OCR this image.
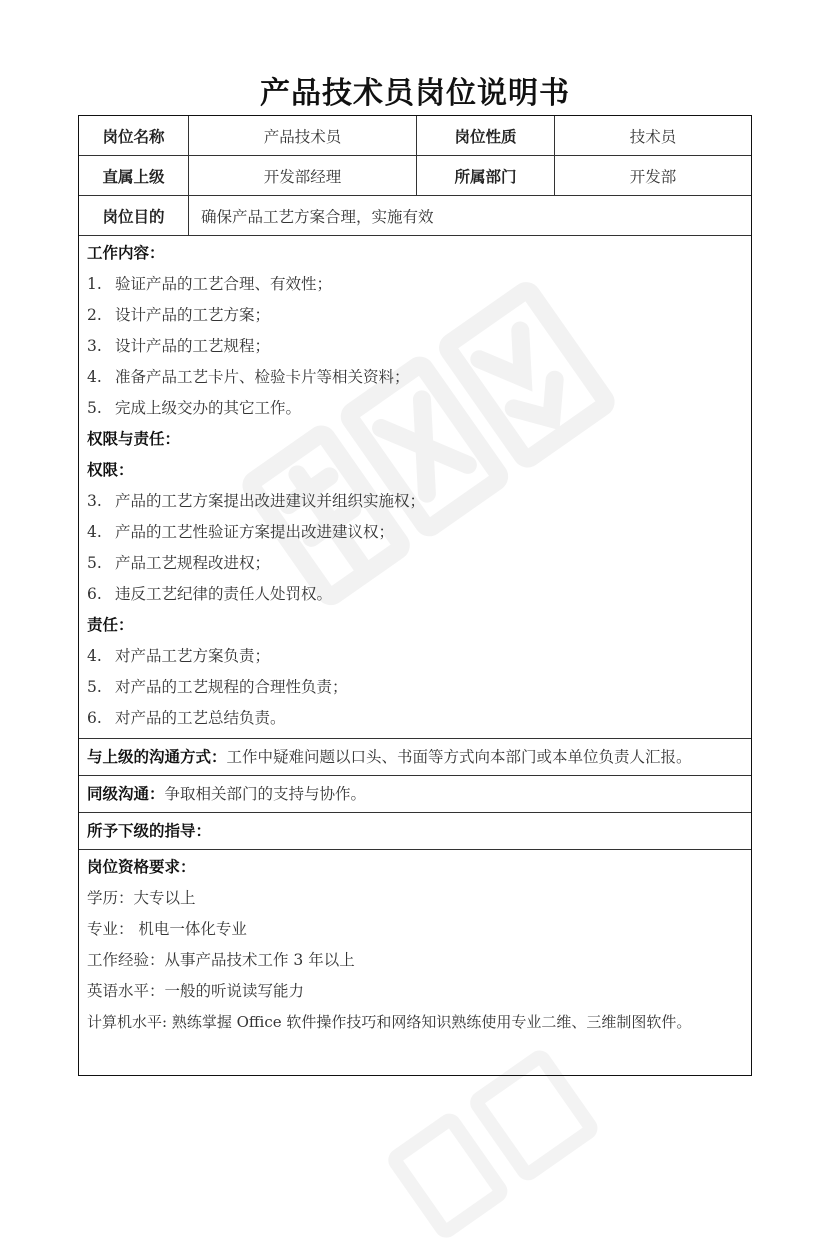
产品技术员岗位说明书
岗位名称	产品技术员	岗位性质	技术员
直属上级	开发部经理	所属部门	开发部
岗位目的	确保产品工艺方案合理，实施有效
工作内容：
1. 验证产品的工艺合理、有效性；
2. 设计产品的工艺方案；
3. 设计产品的工艺规程；
4. 准备产品工艺卡片、检验卡片等相关资料；
5. 完成上级交办的其它工作。
权限与责任：
权限：
3. 产品的工艺方案提出改进建议并组织实施权；
4. 产品的工艺性验证方案提出改进建议权；
5. 产品工艺规程改进权；
6. 违反工艺纪律的责任人处罚权。
责任：
4. 对产品工艺方案负责；
5. 对产品的工艺规程的合理性负责；
6. 对产品的工艺总结负责。
与上级的沟通方式：工作中疑难问题以口头、书面等方式向本部门或本单位负责人汇报。
同级沟通：争取相关部门的支持与协作。
所予下级的指导：
岗位资格要求：
学历：大专以上
专业： 机电一体化专业
工作经验：从事产品技术工作 3 年以上
英语水平：一般的听说读写能力
计算机水平: 熟练掌握 Office 软件操作技巧和网络知识熟练使用专业二维、三维制图软件。
